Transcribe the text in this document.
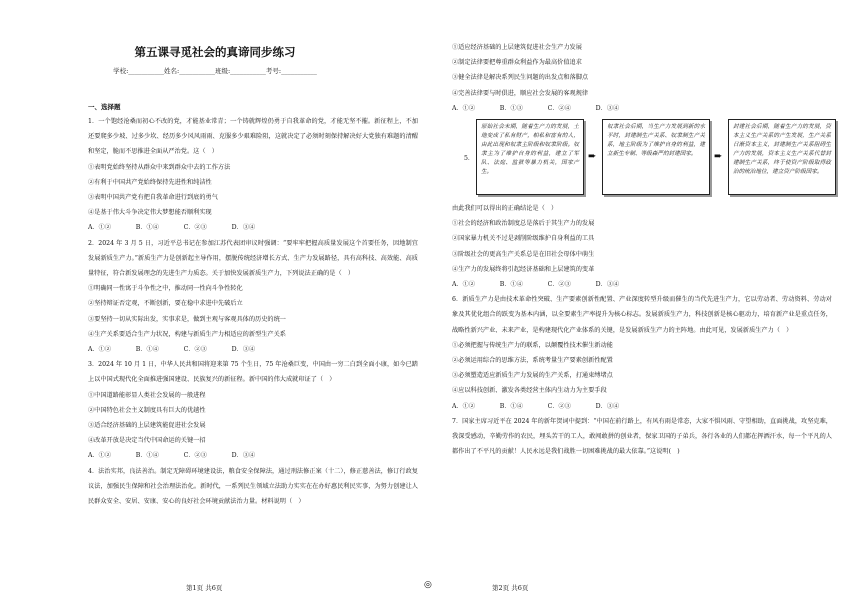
第五课寻觅社会的真谛同步练习
学校:___________姓名:___________班级:___________考号:___________
一、选择题

1．一个饱经沧桑而初心不改的党，才能基业常青；一个铸就辉煌仍勇于自我革命的党，才能无坚不摧。新征程上，不加还要爬多少坡、过多少坎、经历多少风风雨雨、克服多少艰难险阻，这就决定了必须时刻保持解决好大党独有难题的清醒和坚定，脆而不思推进全面从严治党。这（　）

①表明党始终坚持从群众中来到群众中去的工作方法

②有利于中国共产党始终保持先进性和纯洁性

③表明中国共产党有把自我革命进行到底的勇气

④是基于伟大斗争决定伟大梦想能否顺利实现

A．①②　　　　B．①④　　　　C．②③　　　　D．③④

2．2024 年 3 月 5 日，习近平总书记在参加江苏代表团审议时强调：“要牢牢把握高质量发展这个首要任务，因地制宜发展新质生产力。”新质生产力是创新起主导作用，摆脱传统经济增长方式、生产力发展路径，具有高科技、高效能、高质量特征，符合新发展理念的先进生产力质态。关于加快发展新质生产力，下列说法正确的是（　）

①明确同一性寓于斗争性之中，推动同一性向斗争性转化

②坚持辩证否定观，不断创新，要在稳中求进中先破后立

③要坚持一切从实际出发，实事求是，做到主观与客观具体的历史的统一

④生产关系要适合生产力状况，构建与新质生产力相适应的新型生产关系

A．①②　　　　B．①④　　　　C．②③　　　　D．③④

3．2024 年 10 月 1 日，中华人民共和国将迎来第 75 个生日，75 年沧桑巨变，中国由一穷二白到全面小康，如今已踏上以中国式现代化全面推进强国建设、民族复兴的新征程。新中国的伟大成就印证了（　）

①中国道路能彰显人类社会发展的一般进程

②中国特色社会主义制度具有巨大的优越性

③适合经济基础的上层建筑能促进社会发展

④改革开放是决定当代中国命运的关键一招

A．①②　　　　B．①④　　　　C．②③　　　　D．③④

4．法治实邦，良法善治。制定无障碍环境建设法，粮食安全保障法，通过刑法修正案（十二），修正慈善法，修订行政复议法，加强民生保障和社会治理法治化。新时代，一系列民生领域立法助力实实在在办好惠民利民实事，为努力创建让人民群众安全、安居、安康、安心的良好社会环境贡献法治力量。材料说明（　）

第1页 共6页	◎

①适应经济基础的上层建筑促进社会生产力发展

②制定法律要把尊重群众利益作为最高价值追求

③健全法律是解决系列民生问题的出发点和落脚点

④完善法律要与时俱进，顺应社会发展的客观规律

A．①②　　　　B．①③　　　　C．②④　　　　D．③④

5．
原始社会末期，随着生产力的发展，土地变成了私有财产，帕私和富有的人，由此出现和奴隶主阶级和奴隶阶级。奴隶主为了维护自身的利益，建立了军队、法庭、监狱等暴力机关，国家产生。
➨
奴隶社会后期，当生产力发展到新的水平时，封建制生产关系、奴隶制生产关系，地主阶级为了维护自身的利益，建立新生专制、等级森严的封建国家。	➨
封建社会后期，随着生产力的发展，资本主义生产关系的产生发展，生产关系日渐资本主义，封建制生产关系阻碍生产力的发展，资本主义生产关系代替封建制生产关系，终于使资产阶级取得政治的统治地位，建立资产阶级国家。

由此我们可以得出的正确结论是（　）

①社会的经济和政治制度总是落后于其生产力的发展

②国家暴力机关不过是剥削阶级维护自身利益的工具

③阶级社会的更高生产关系总是在旧社会母体中萌生

④生产力的发展终将引起经济基础和上层建筑的变革

A．①②　　　　B．①④　　　　C．②③　　　　D．③④

6．新质生产力是由技术革命性突破、生产要素创新性配置、产业深度转型升级而催生的当代先进生产力，它以劳动者、劳动资料、劳动对象及其优化组合的跃变为基本内涵，以全要素生产率提升为核心标志。发展新质生产力，科技创新是核心驱动力，培育新产业是重点任务，战略性新兴产业、未来产业，是构建现代化产业体系的关键，是发展新质生产力的主阵地。由此可见，发展新质生产力（　）

①必须把握与传统生产力的联系，以颠覆性技术催生新动能

②必须运用综合的思维方法，系统考量生产要素创新性配置

③必须塑造适应新质生产力发展的生产关系，打通束缚堵点

④应以科技创新、激发各类经营主体内生动力为主要手段

A．①②　　　　B．①④　　　　C．②③　　　　D．③④

7．国家主席习近平在 2024 年的新年贺词中提到：“中国在前行路上，有风有雨是常态，大家不惧风雨、守望相助，直面挑战，攻坚克难，我深受感动，辛勤劳作的农民，埋头苦干的工人，敢闯敢拼的创业者，保家卫国的子弟兵，各行各业的人们都在挥洒汗水，每一个平凡的人都作出了不平凡的贡献！人民永远是我们战胜一切困难挑战的最大依靠。”这说明(　)

第2页 共6页
